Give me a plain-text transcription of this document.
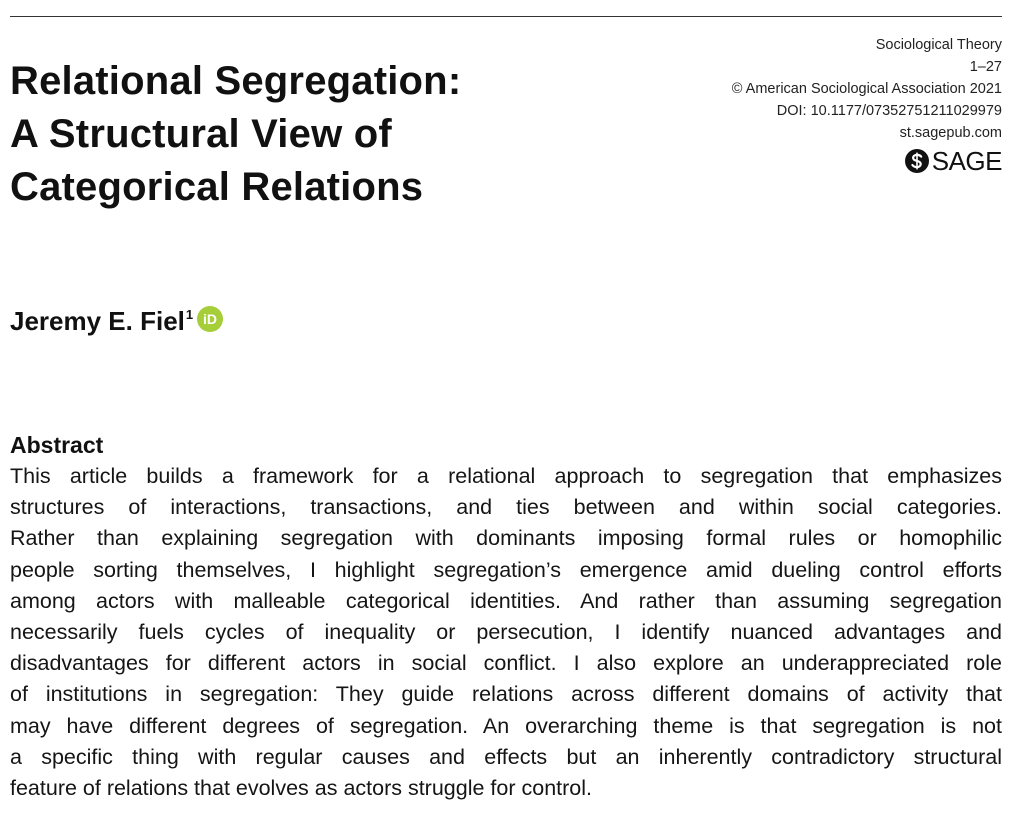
Relational Segregation:
A Structural View of
Categorical Relations
Sociological Theory
1–27
© American Sociological Association 2021
DOI: 10.1177/07352751211029979
st.sagepub.com
SAGE
Jeremy E. Fiel$^1$ iD
Abstract

This article builds a framework for a relational approach to segregation that emphasizes
structures of interactions, transactions, and ties between and within social categories.
Rather than explaining segregation with dominants imposing formal rules or homophilic
people sorting themselves, I highlight segregation’s emergence amid dueling control efforts
among actors with malleable categorical identities. And rather than assuming segregation
necessarily fuels cycles of inequality or persecution, I identify nuanced advantages and
disadvantages for different actors in social conflict. I also explore an underappreciated role
of institutions in segregation: They guide relations across different domains of activity that
may have different degrees of segregation. An overarching theme is that segregation is not
a specific thing with regular causes and effects but an inherently contradictory structural
feature of relations that evolves as actors struggle for control.
